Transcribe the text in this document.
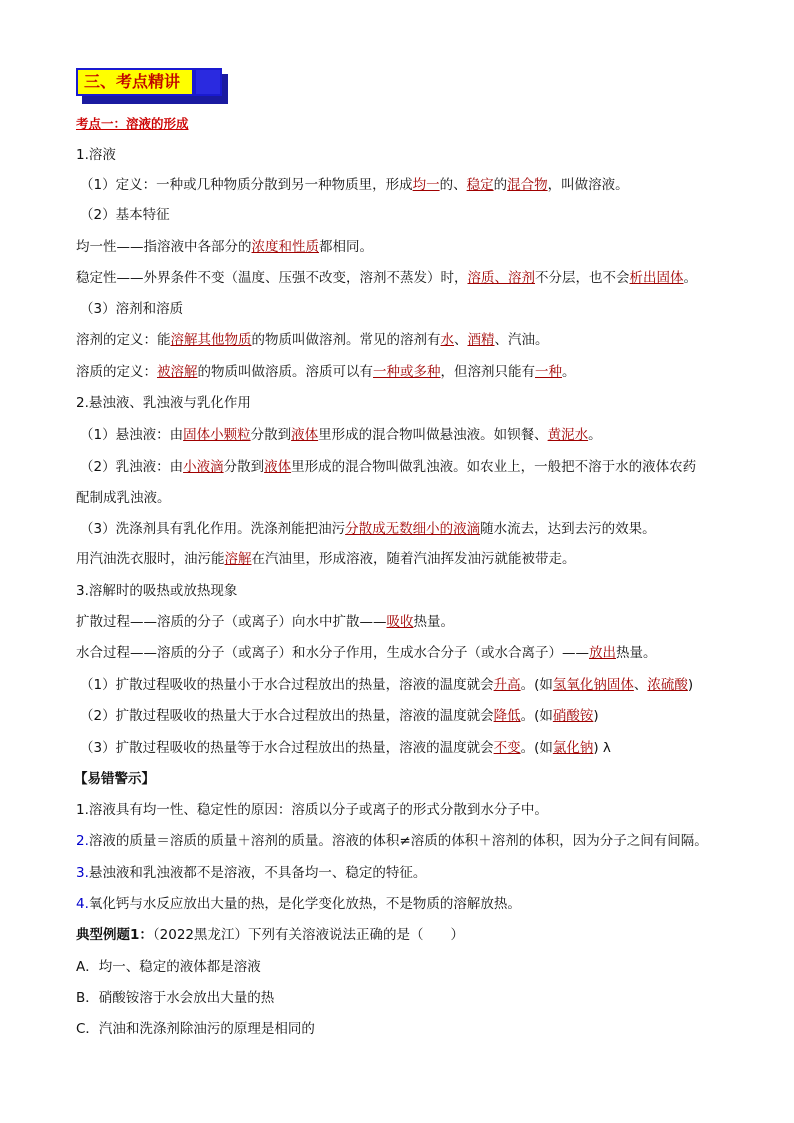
三、考点精讲
考点一：溶液的形成
1.溶液
（1）定义：一种或几种物质分散到另一种物质里，形成均一的、稳定的混合物，叫做溶液。
（2）基本特征
均一性——指溶液中各部分的浓度和性质都相同。
稳定性——外界条件不变（温度、压强不改变，溶剂不蒸发）时，溶质、溶剂不分层，也不会析出固体。
（3）溶剂和溶质
溶剂的定义：能溶解其他物质的物质叫做溶剂。常见的溶剂有水、酒精、汽油。
溶质的定义：被溶解的物质叫做溶质。溶质可以有一种或多种，但溶剂只能有一种。
2.悬浊液、乳浊液与乳化作用
（1）悬浊液：由固体小颗粒分散到液体里形成的混合物叫做悬浊液。如钡餐、黄泥水。
（2）乳浊液：由小液滴分散到液体里形成的混合物叫做乳浊液。如农业上，一般把不溶于水的液体农药
配制成乳浊液。
（3）洗涤剂具有乳化作用。洗涤剂能把油污分散成无数细小的液滴随水流去，达到去污的效果。
用汽油洗衣服时，油污能溶解在汽油里，形成溶液，随着汽油挥发油污就能被带走。
3.溶解时的吸热或放热现象
扩散过程——溶质的分子（或离子）向水中扩散——吸收热量。
水合过程——溶质的分子（或离子）和水分子作用，生成水合分子（或水合离子）——放出热量。
（1）扩散过程吸收的热量小于水合过程放出的热量，溶液的温度就会升高。(如氢氧化钠固体、浓硫酸)
（2）扩散过程吸收的热量大于水合过程放出的热量，溶液的温度就会降低。(如硝酸铵)
（3）扩散过程吸收的热量等于水合过程放出的热量，溶液的温度就会不变。(如氯化钠) λ
【易错警示】
1.溶液具有均一性、稳定性的原因：溶质以分子或离子的形式分散到水分子中。
2.溶液的质量＝溶质的质量＋溶剂的质量。溶液的体积≠溶质的体积＋溶剂的体积，因为分子之间有间隔。
3.悬浊液和乳浊液都不是溶液，不具备均一、稳定的特征。
4.氧化钙与水反应放出大量的热，是化学变化放热，不是物质的溶解放热。
典型例题1：（2022黑龙江）下列有关溶液说法正确的是（　　）
A．均一、稳定的液体都是溶液
B．硝酸铵溶于水会放出大量的热
C．汽油和洗涤剂除油污的原理是相同的
